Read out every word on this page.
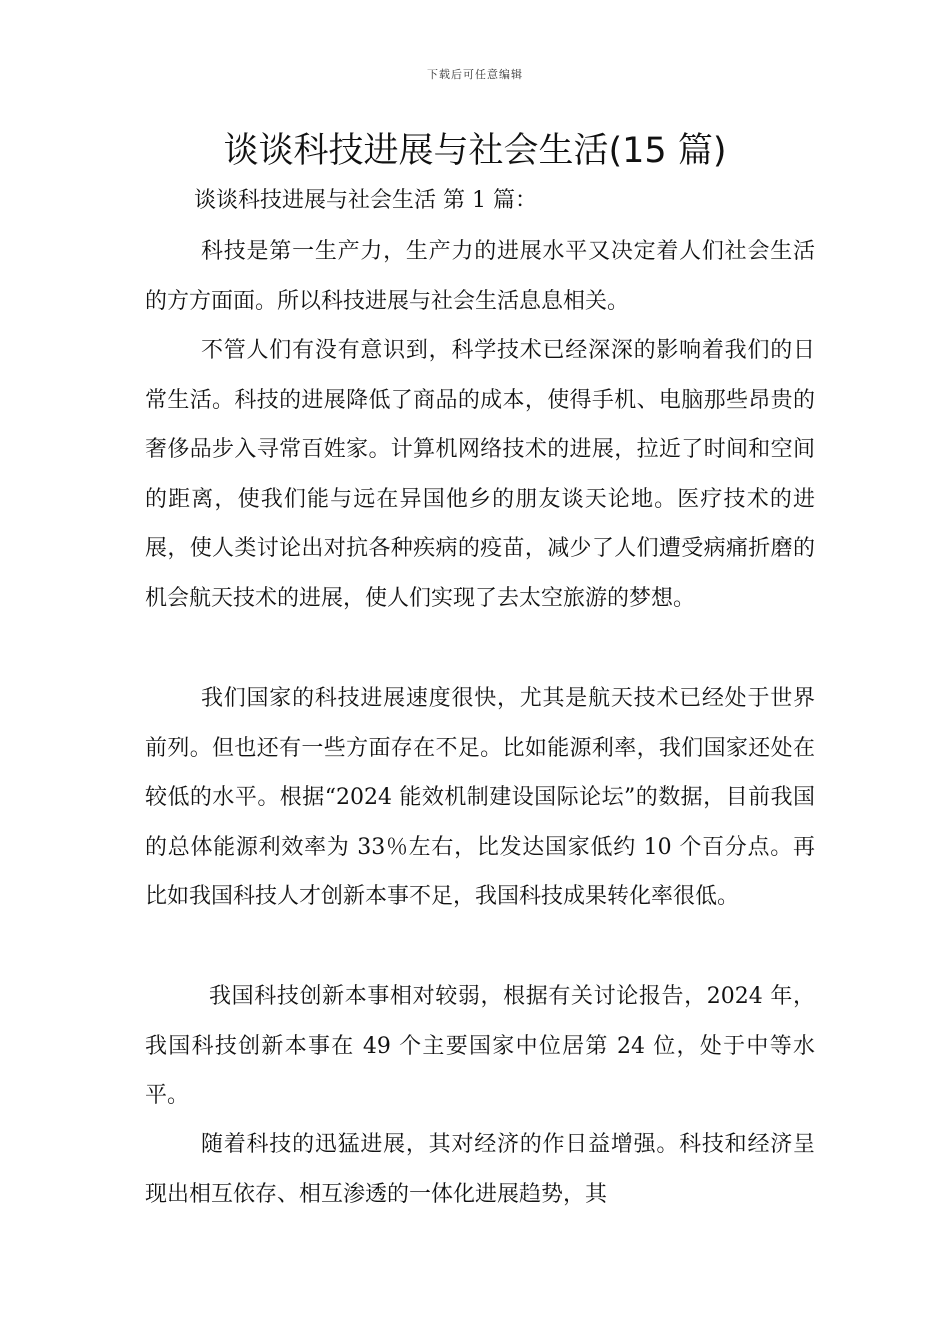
下载后可任意编辑
谈谈科技进展与社会生活(15 篇)
谈谈科技进展与社会生活 第 1 篇：

科技是第一生产力，生产力的进展水平又决定着人们社会生活的方方面面。所以科技进展与社会生活息息相关。

不管人们有没有意识到，科学技术已经深深的影响着我们的日常生活。科技的进展降低了商品的成本，使得手机、电脑那些昂贵的奢侈品步入寻常百姓家。计算机网络技术的进展，拉近了时间和空间的距离，使我们能与远在异国他乡的朋友谈天论地。医疗技术的进展，使人类讨论出对抗各种疾病的疫苗，减少了人们遭受病痛折磨的机会航天技术的进展，使人们实现了去太空旅游的梦想。

我们国家的科技进展速度很快，尤其是航天技术已经处于世界前列。但也还有一些方面存在不足。比如能源利率，我们国家还处在较低的水平。根据“2024 能效机制建设国际论坛”的数据，目前我国的总体能源利效率为 33％左右，比发达国家低约 10 个百分点。再比如我国科技人才创新本事不足，我国科技成果转化率很低。

我国科技创新本事相对较弱，根据有关讨论报告，2024 年，我国科技创新本事在 49 个主要国家中位居第 24 位，处于中等水平。

随着科技的迅猛进展，其对经济的作日益增强。科技和经济呈现出相互依存、相互渗透的一体化进展趋势，其
